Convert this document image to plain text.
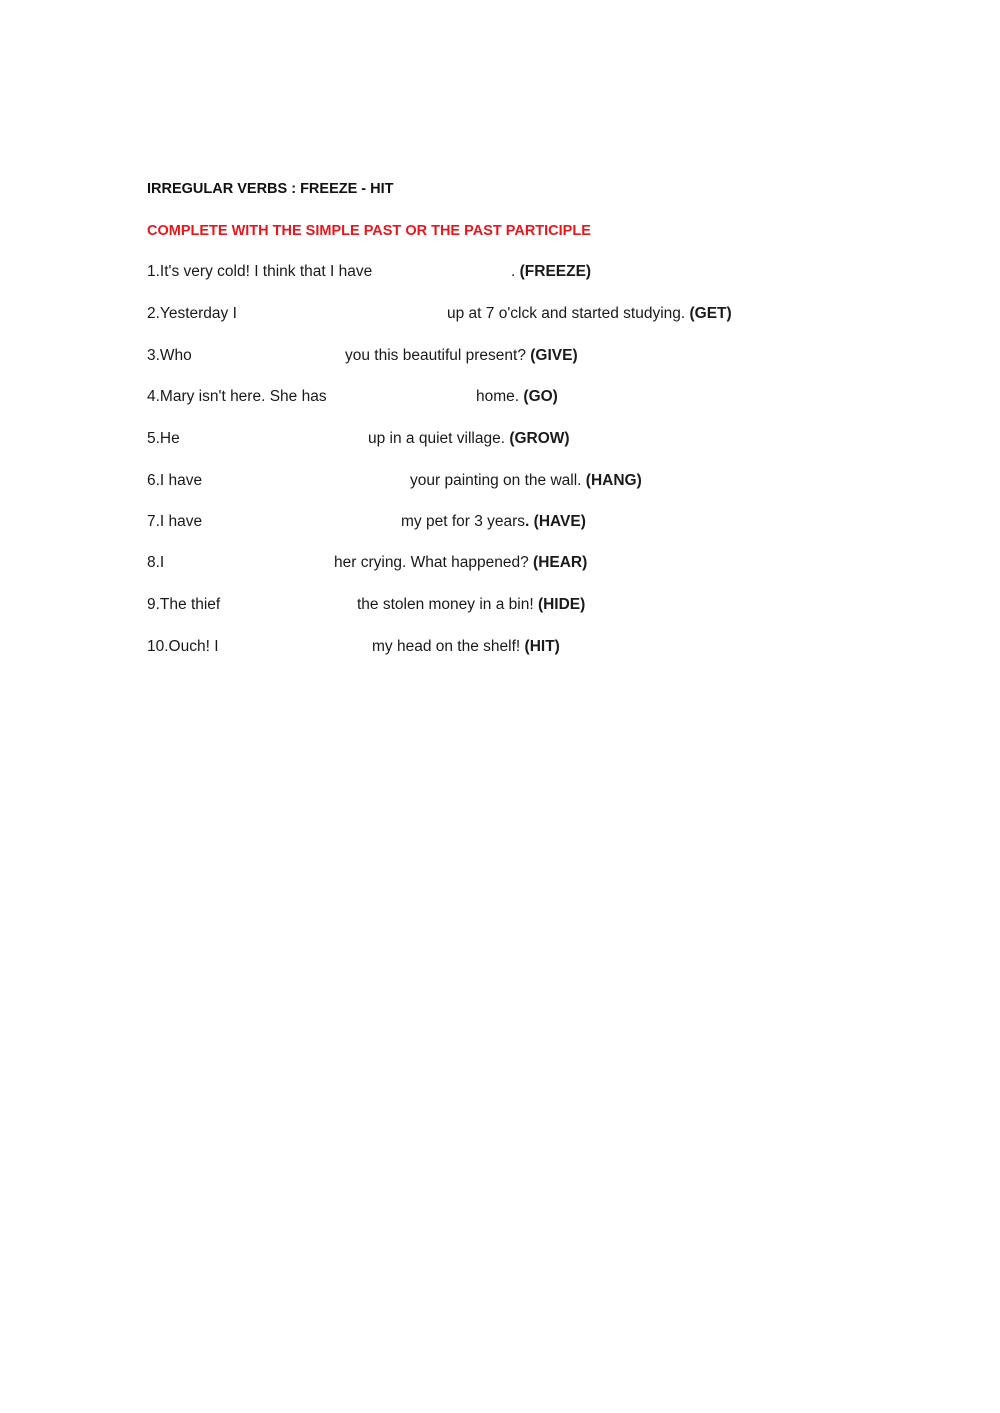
IRREGULAR VERBS : FREEZE - HIT
COMPLETE WITH THE SIMPLE PAST OR THE PAST PARTICIPLE
1.It's very cold! I think that I have	. (FREEZE)
2.Yesterday I	up at 7 o'clck and started studying. (GET)
3.Who	you this beautiful present? (GIVE)
4.Mary isn't here. She has	home. (GO)
5.He	up in a quiet village. (GROW)
6.I have	your painting on the wall. (HANG)
7.I have	my pet for 3 years. (HAVE)
8.I	her crying. What happened? (HEAR)
9.The thief	the stolen money in a bin! (HIDE)
10.Ouch! I	my head on the shelf! (HIT)
